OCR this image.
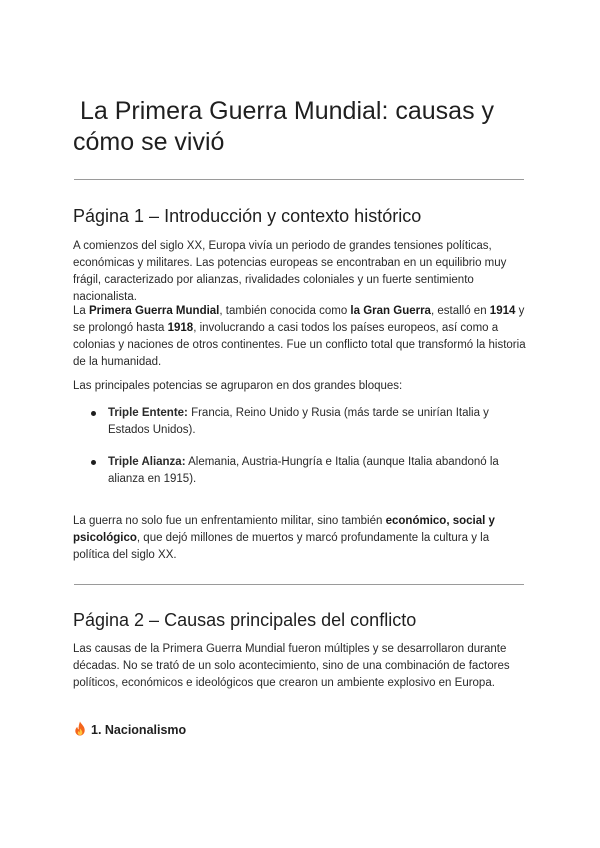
La Primera Guerra Mundial: causas y cómo se vivió
Página 1 – Introducción y contexto histórico

A comienzos del siglo XX, Europa vivía un periodo de grandes tensiones políticas, económicas y militares. Las potencias europeas se encontraban en un equilibrio muy frágil, caracterizado por alianzas, rivalidades coloniales y un fuerte sentimiento nacionalista.

La Primera Guerra Mundial, también conocida como la Gran Guerra, estalló en 1914 y se prolongó hasta 1918, involucrando a casi todos los países europeos, así como a colonias y naciones de otros continentes. Fue un conflicto total que transformó la historia de la humanidad.

Las principales potencias se agruparon en dos grandes bloques:

Triple Entente: Francia, Reino Unido y Rusia (más tarde se unirían Italia y Estados Unidos).
Triple Alianza: Alemania, Austria-Hungría e Italia (aunque Italia abandonó la alianza en 1915).

La guerra no solo fue un enfrentamiento militar, sino también económico, social y psicológico, que dejó millones de muertos y marcó profundamente la cultura y la política del siglo XX.

Página 2 – Causas principales del conflicto

Las causas de la Primera Guerra Mundial fueron múltiples y se desarrollaron durante décadas. No se trató de un solo acontecimiento, sino de una combinación de factores políticos, económicos e ideológicos que crearon un ambiente explosivo en Europa.

1. Nacionalismo
